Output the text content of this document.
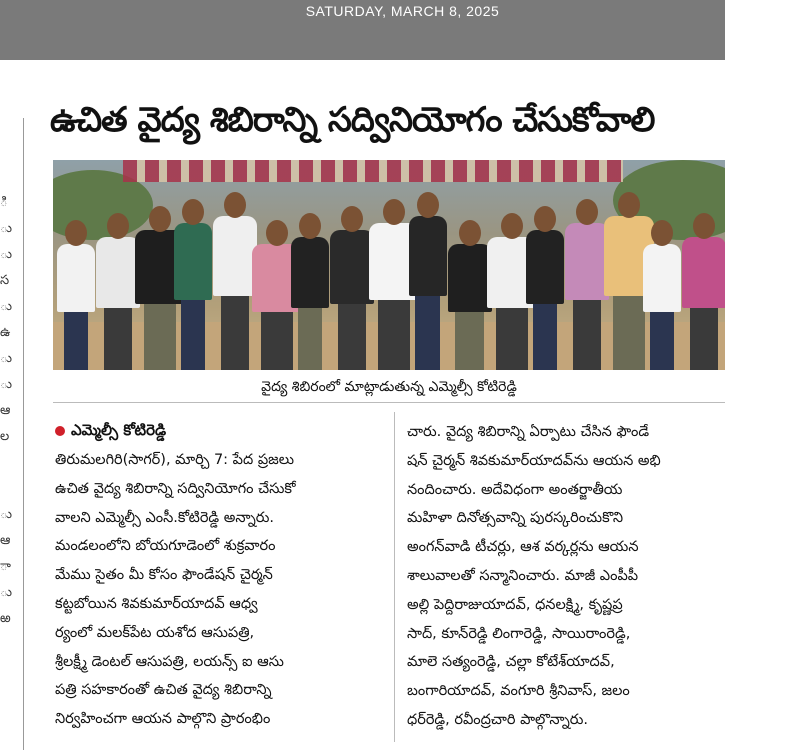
SATURDAY, MARCH 8, 2025
ి
ు
ు
స
ు
ఉ
ు
ు
ఆ
ల
ు
ఆ
ా
ు
ఱ
ఉచిత వైద్య శిబిరాన్ని సద్వినియోగం చేసుకోవాలి
వైద్య శిబిరంలో మాట్లాడుతున్న ఎమ్మెల్సీ కోటిరెడ్డి
ఎమ్మెల్సీ కోటిరెడ్డి
తిరుమలగిరి(సాగర్), మార్చి 7: పేద ప్రజలు
ఉచిత వైద్య శిబిరాన్ని సద్వినియోగం చేసుకో
వాలని ఎమ్మెల్సీ ఎంసీ.కోటిరెడ్డి అన్నారు.
మండలంలోని బోయగూడెంలో శుక్రవారం
మేము సైతం మీ కోసం ఫౌండేషన్ చైర్మన్
కట్టబోయిన శివకుమార్‌యాదవ్ ఆధ్వ
ర్యంలో మలక్‌పేట యశోద ఆసుపత్రి,
శ్రీలక్ష్మీ డెంటల్ ఆసుపత్రి, లయన్స్ ఐ ఆసు
పత్రి సహకారంతో ఉచిత వైద్య శిబిరాన్ని
నిర్వహించగా ఆయన పాల్గొని ప్రారంభిం
చారు. వైద్య శిబిరాన్ని ఏర్పాటు చేసిన ఫౌండే
షన్ చైర్మన్ శివకుమార్‌యాదవ్‌ను ఆయన అభి
నందించారు. అదేవిధంగా అంతర్జాతీయ
మహిళా దినోత్సవాన్ని పురస్కరించుకొని
అంగన్‌వాడి టీచర్లు, ఆశ వర్కర్లను ఆయన
శాలువాలతో సన్మానించారు. మాజీ ఎంపీపీ
అల్లి పెద్దిరాజుయాదవ్, ధనలక్ష్మి, కృష్ణప్ర
సాద్, కూన్‌రెడ్డి లింగారెడ్డి, సాయిరాంరెడ్డి,
మాలె సత్యంరెడ్డి, చల్లా కోటేశ్‌యాదవ్,
బంగారియాదవ్, వంగూరి శ్రీనివాస్, జలం
ధర్‌రెడ్డి, రవీంద్రచారి పాల్గొన్నారు.
